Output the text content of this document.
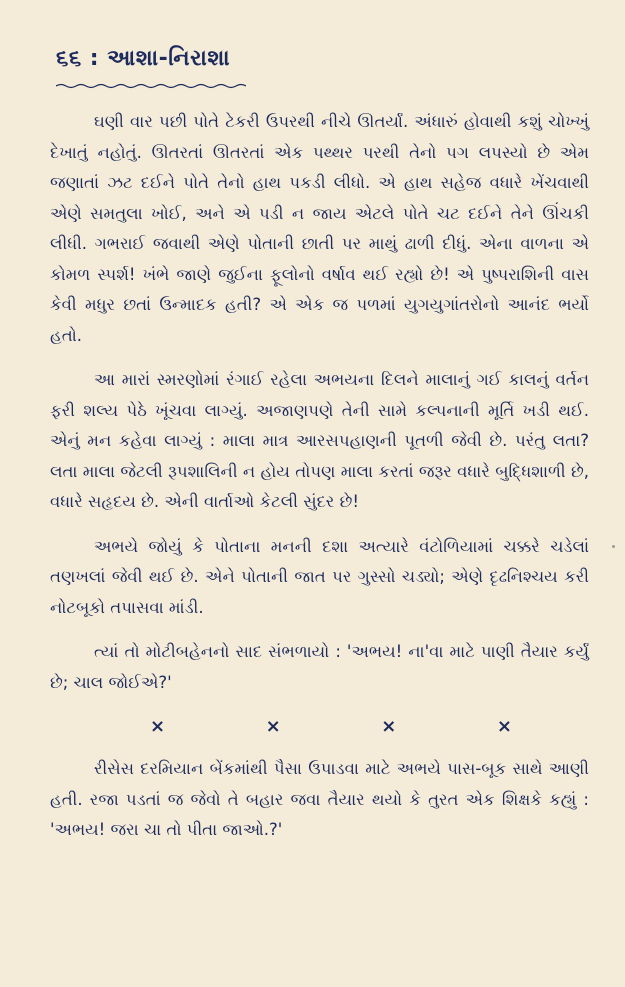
૬૬ : આશા-નિરાશા

ઘણી વાર પછી પોતે ટેકરી ઉપરથી નીચે ઊતર્યાં. અંધારું હોવાથી કશું ચોખ્ખું દેખાતું નહોતું. ઊતરતાં ઊતરતાં એક પથ્થર પરથી તેનો પગ લપસ્યો છે એમ જણાતાં ઝટ દઈને પોતે તેનો હાથ પકડી લીધો. એ હાથ સહેજ વધારે ખેંચવાથી એણે સમતુલા ખોઈ, અને એ પડી ન જાય એટલે પોતે ચટ દઈને તેને ઊંચકી લીધી. ગભરાઈ જવાથી એણે પોતાની છાતી પર માથું ઢાળી દીધું. એના વાળના એ કોમળ સ્પર્શ! ખંભે જાણે જુઈના ફૂલોનો વર્ષાવ થઈ રહ્યો છે! એ પુષ્પરાશિની વાસ કેવી મધુર છતાં ઉન્માદક હતી? એ એક જ પળમાં યુગયુગાંતરોનો આનંદ ભર્યો હતો.

આ મારાં સ્મરણોમાં રંગાઈ રહેલા અભયના દિલને માલાનું ગઈ કાલનું વર્તન ફરી શલ્ય પેઠે ખૂંચવા લાગ્યું. અજાણપણે તેની સામે કલ્પનાની મૂર્તિ ખડી થઈ. એનું મન કહેવા લાગ્યું : માલા માત્ર આરસપહાણની પૂતળી જેવી છે. પરંતુ લતા? લતા માલા જેટલી રૂપશાલિની ન હોય તોપણ માલા કરતાં જરૂર વધારે બુદ્ધિશાળી છે, વધારે સહૃદય છે. એની વાર્તાઓ કેટલી સુંદર છે!

અભયે જોયું કે પોતાના મનની દશા અત્યારે વંટોળિયામાં ચક્કરે ચડેલાં તણખલાં જેવી થઈ છે. એને પોતાની જાત પર ગુસ્સો ચડ્યો; એણે દૃઢનિશ્ચય કરી નોટબૂકો તપાસવા માંડી.

ત્યાં તો મોટીબહેનનો સાદ સંભળાયો : 'અભય! ના'વા માટે પાણી તૈયાર કર્યું છે; ચાલ જોઈએ?'

×	×	×	×

રીસેસ દરમિયાન બેંકમાંથી પૈસા ઉપાડવા માટે અભયે પાસ-બૂક સાથે આણી હતી. રજા પડતાં જ જેવો તે બહાર જવા તૈયાર થયો કે તુરત એક શિક્ષકે કહ્યું : 'અભય! જરા ચા તો પીતા જાઓ.?'
